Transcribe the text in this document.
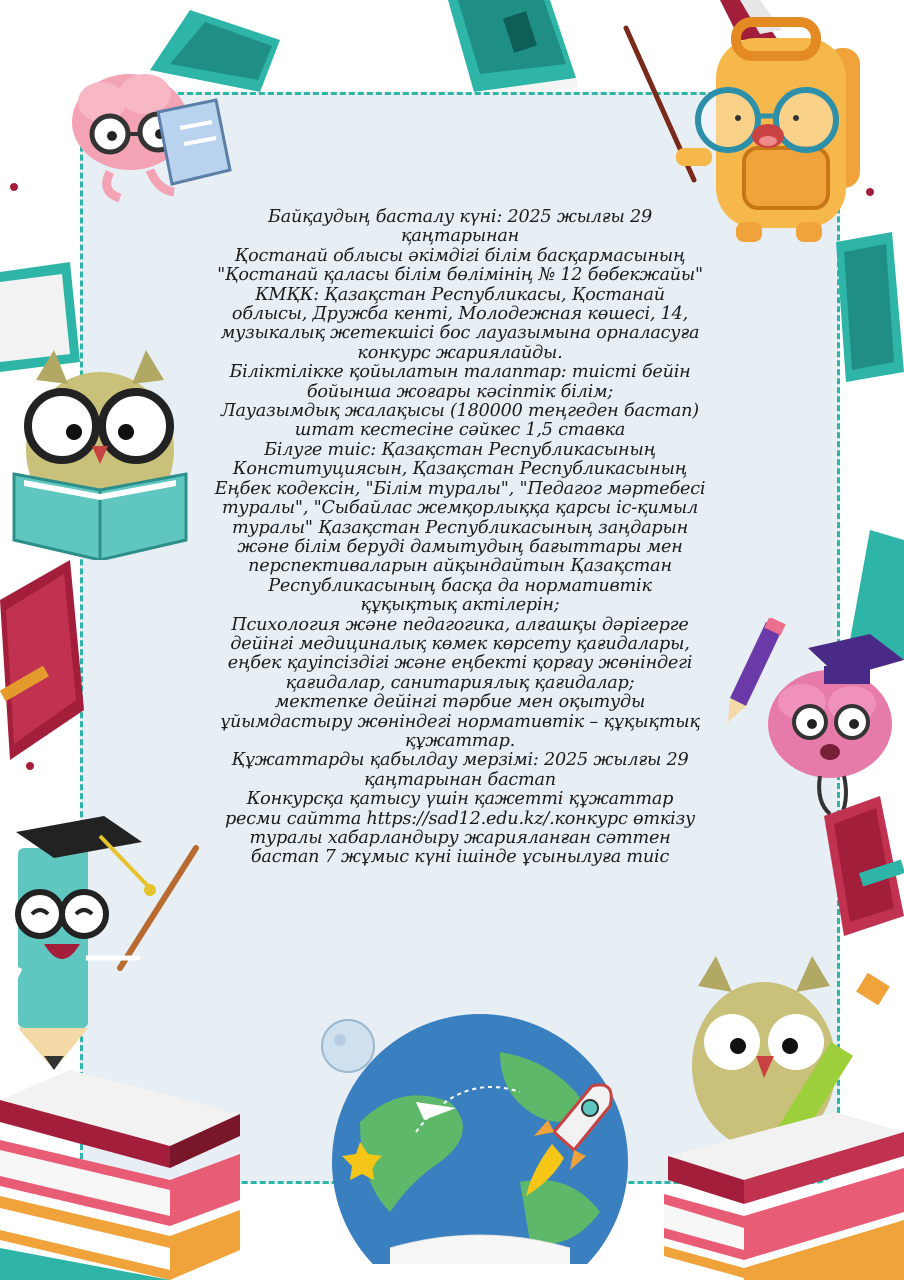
Байқаудың басталу күні: 2025 жылғы 29
қаңтарынан
Қостанай облысы әкімдігі білім басқармасының
"Қостанай қаласы білім бөлімінің № 12 бөбекжайы"
КМҚК: Қазақстан Республикасы, Қостанай
облысы, Дружба кенті, Молодежная көшесі, 14,
музыкалық жетекшісі бос лауазымына орналасуға
конкурс жариялайды.
Біліктілікке қойылатын талаптар: тиісті бейін
бойынша жоғары кәсіптік білім;
Лауазымдық жалақысы (180000 теңгеден бастап)
штат кестесіне сәйкес 1,5 ставка
Білуге тиіс: Қазақстан Республикасының
Конституциясын, Қазақстан Республикасының
Еңбек кодексін, "Білім туралы", "Педагог мәртебесі
туралы", "Сыбайлас жемқорлыққа қарсы іс-қимыл
туралы" Қазақстан Республикасының заңдарын
және білім беруді дамытудың бағыттары мен
перспективаларын айқындайтын Қазақстан
Республикасының басқа да нормативтік
құқықтық актілерін;
Психология және педагогика, алғашқы дәрігерге
дейінгі медициналық көмек көрсету қағидалары,
еңбек қауіпсіздігі және еңбекті қорғау жөніндегі
қағидалар, санитариялық қағидалар;
мектепке дейінгі тәрбие мен оқытуды
ұйымдастыру жөніндегі нормативтік – құқықтық
құжаттар.
Құжаттарды қабылдау мерзімі: 2025 жылғы 29
қаңтарынан бастап
Конкурсқа қатысу үшін қажетті құжаттар
ресми сайтта https://sad12.edu.kz/.конкурс өткізу
туралы хабарландыру жарияланған сәттен
бастап 7 жұмыс күні ішінде ұсынылуға тиіс
